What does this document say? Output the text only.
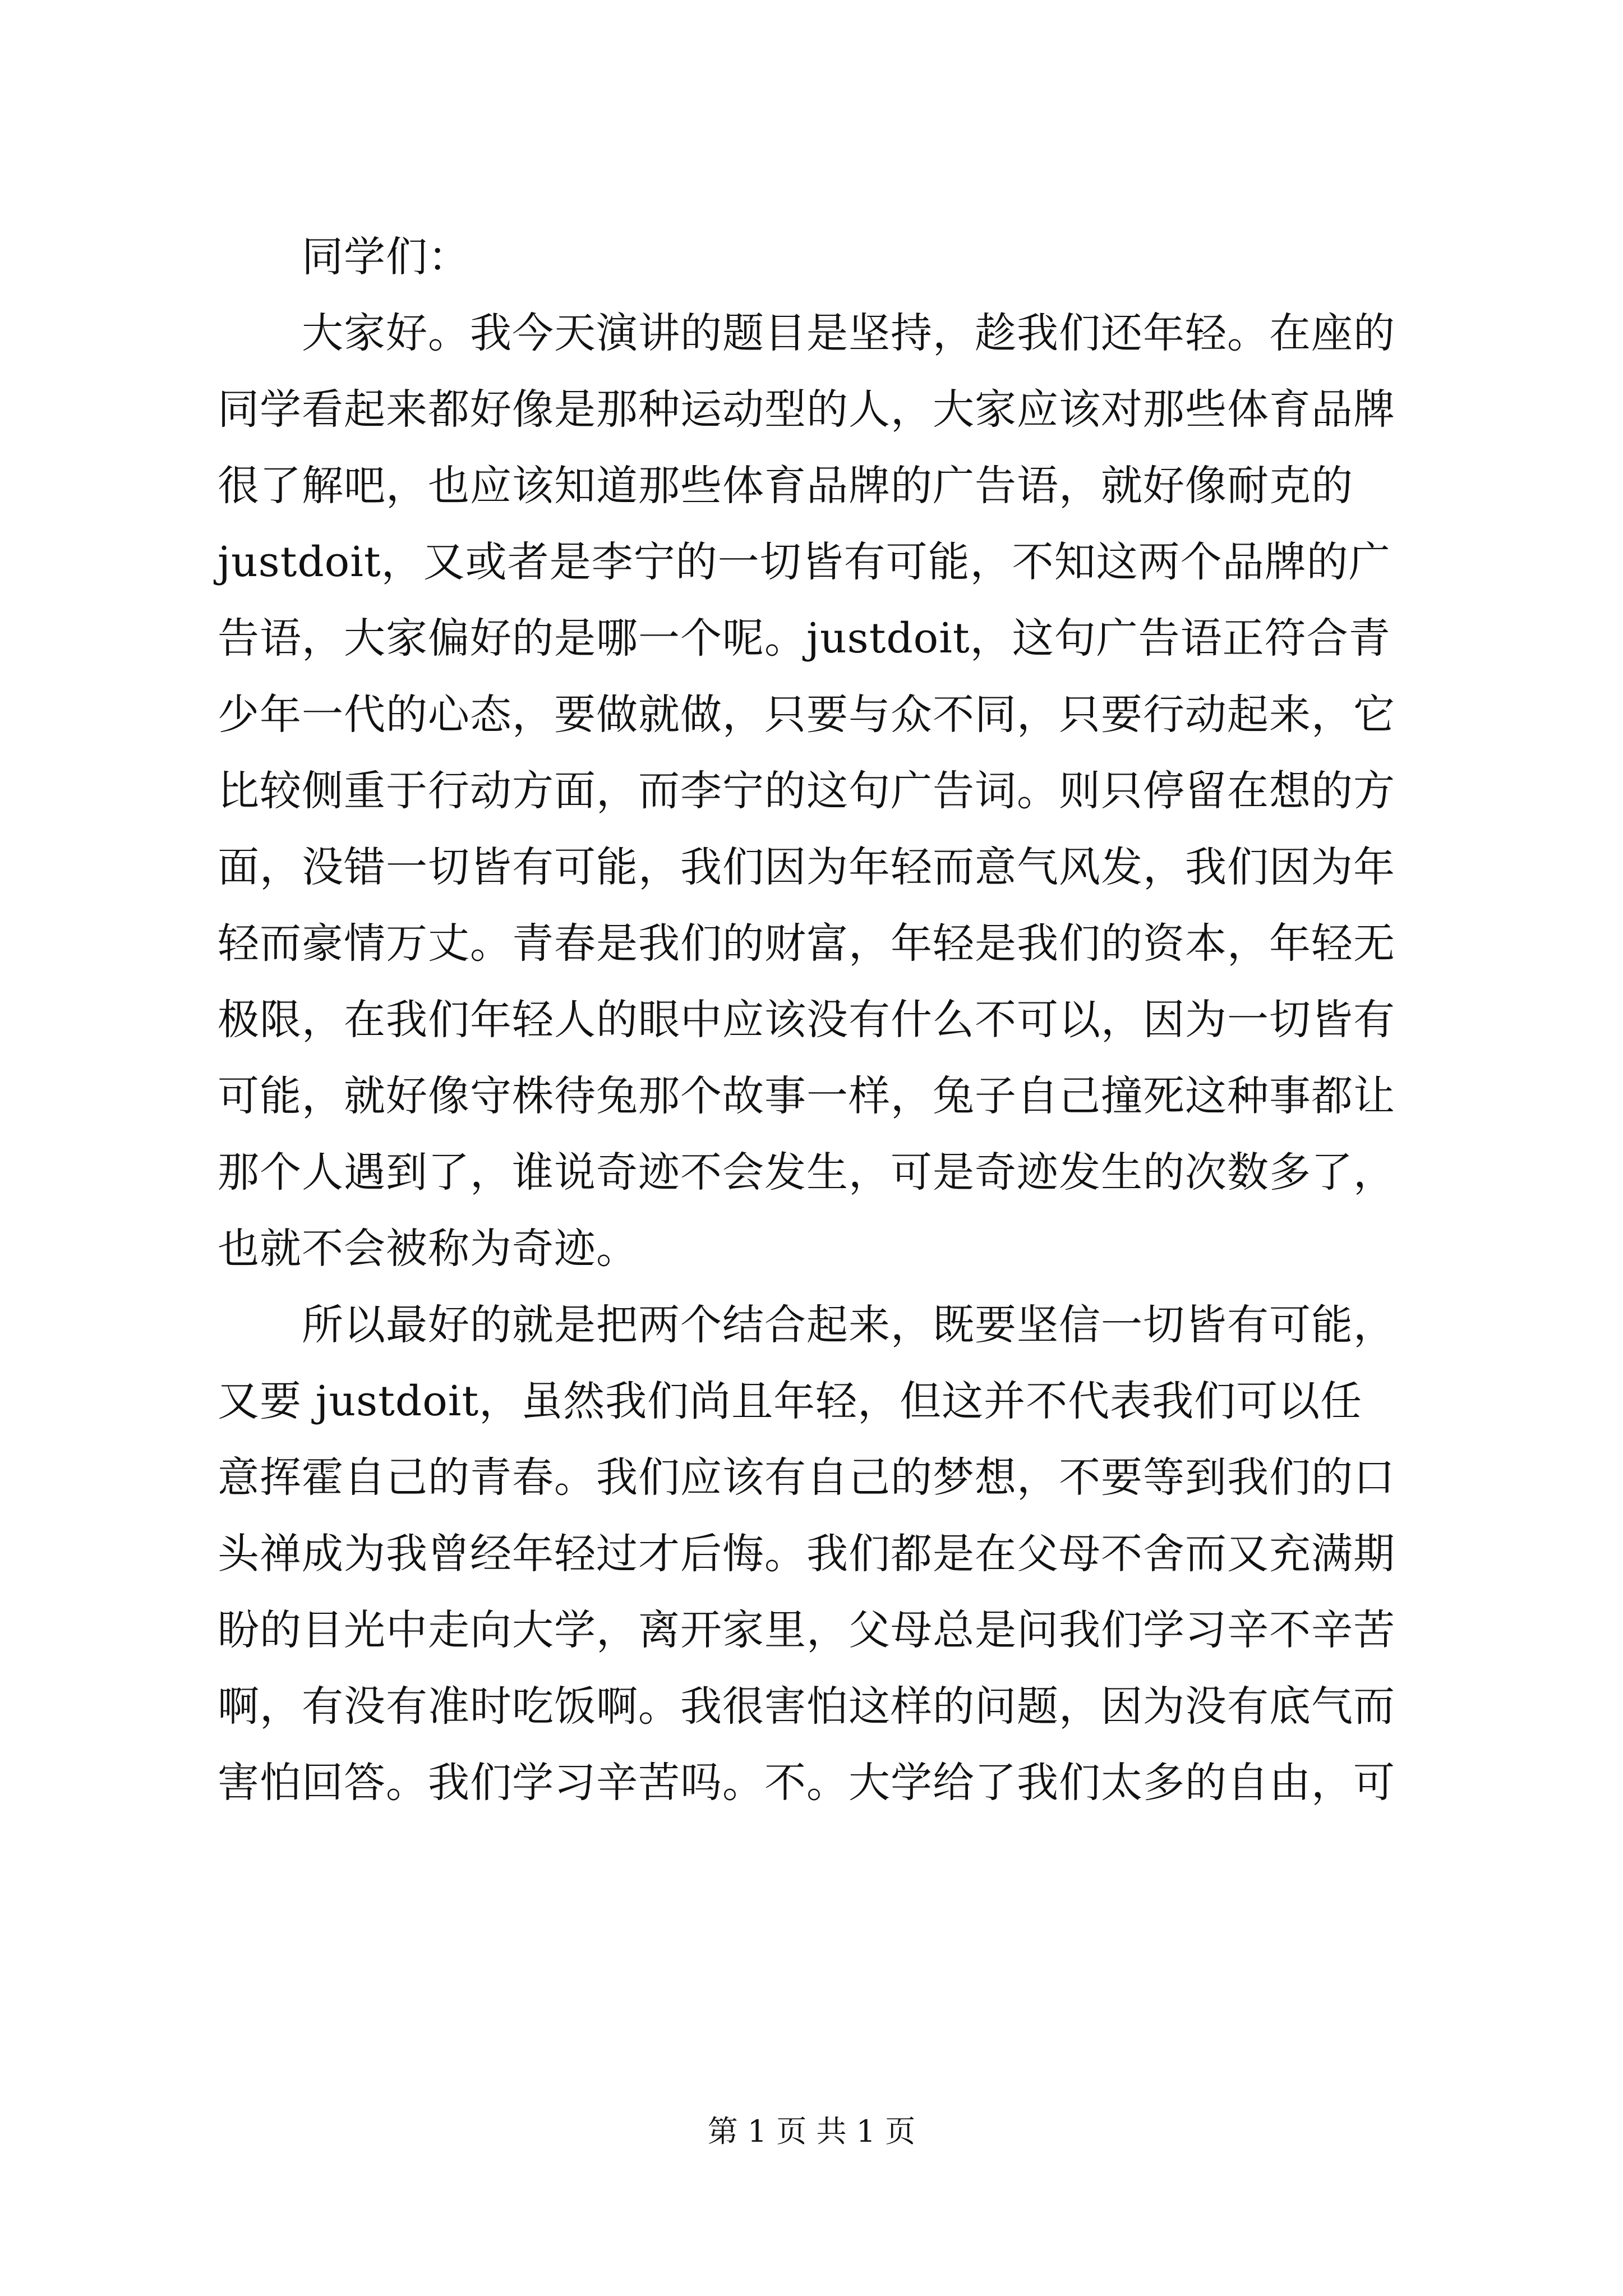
　　同学们：
　　大家好。我今天演讲的题目是坚持，趁我们还年轻。在座的
同学看起来都好像是那种运动型的人，大家应该对那些体育品牌
很了解吧，也应该知道那些体育品牌的广告语，就好像耐克的
justdoit，又或者是李宁的一切皆有可能，不知这两个品牌的广
告语，大家偏好的是哪一个呢。justdoit，这句广告语正符合青
少年一代的心态，要做就做，只要与众不同，只要行动起来，它
比较侧重于行动方面，而李宁的这句广告词。则只停留在想的方
面，没错一切皆有可能，我们因为年轻而意气风发，我们因为年
轻而豪情万丈。青春是我们的财富，年轻是我们的资本，年轻无
极限，在我们年轻人的眼中应该没有什么不可以，因为一切皆有
可能，就好像守株待兔那个故事一样，兔子自己撞死这种事都让
那个人遇到了，谁说奇迹不会发生，可是奇迹发生的次数多了，
也就不会被称为奇迹。
　　所以最好的就是把两个结合起来，既要坚信一切皆有可能，
又要 justdoit，虽然我们尚且年轻，但这并不代表我们可以任
意挥霍自己的青春。我们应该有自己的梦想，不要等到我们的口
头禅成为我曾经年轻过才后悔。我们都是在父母不舍而又充满期
盼的目光中走向大学，离开家里，父母总是问我们学习辛不辛苦
啊，有没有准时吃饭啊。我很害怕这样的问题，因为没有底气而
害怕回答。我们学习辛苦吗。不。大学给了我们太多的自由，可
第 1 页 共 1 页
